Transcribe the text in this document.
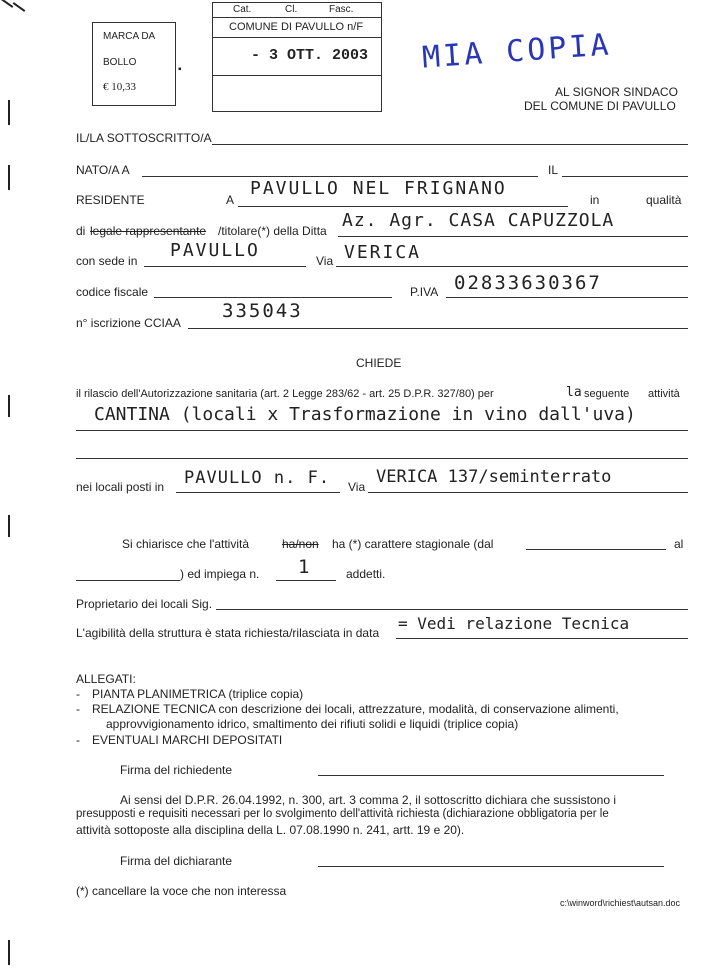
MARCA DA
BOLLO
€ 10,33
▪
Cat.	Cl.	Fasc.
COMUNE DI PAVULLO n/F
- 3 OTT. 2003 MIA COPIA
AL SIGNOR SINDACO
DEL COMUNE DI PAVULLO
IL/LA SOTTOSCRITTO/A
NATO/A A	IL
RESIDENTE	A
PAVULLO NEL FRIGNANO
in	qualità
di legale rappresentante /titolare(*) della Ditta Az. Agr. CASA CAPUZZOLA
con sede in PAVULLO	Via VERICA
codice fiscale	P.IVA 02833630367
n° iscrizione CCIAA
335043
CHIEDE
il rilascio dell'Autorizzazione sanitaria (art. 2 Legge 283/62 - art. 25 D.P.R. 327/80) per	la seguente attività
CANTINA (locali x Trasformazione in vino dall'uva)
nei locali posti in PAVULLO n. F. Via VERICA 137/seminterrato
Si chiarisce che l'attività	ha/non ha (*) carattere stagionale (dal	al
) ed impiega n. 1	addetti.
Proprietario dei locali Sig.
L'agibilità della struttura è stata richiesta/rilasciata in data = Vedi relazione Tecnica
ALLEGATI:
- PIANTA PLANIMETRICA (triplice copia)
- RELAZIONE TECNICA con descrizione dei locali, attrezzature, modalità, di conservazione alimenti,
approvvigionamento idrico, smaltimento dei rifiuti solidi e liquidi (triplice copia)
- EVENTUALI MARCHI DEPOSITATI
Firma del richiedente
Ai sensi del D.P.R. 26.04.1992, n. 300, art. 3 comma 2, il sottoscritto dichiara che sussistono i
presupposti e requisiti necessari per lo svolgimento dell'attività richiesta (dichiarazione obbligatoria per le
attività sottoposte alla disciplina della L. 07.08.1990 n. 241, artt. 19 e 20).
Firma del dichiarante
(*) cancellare la voce che non interessa
c:\winword\richiest\autsan.doc
